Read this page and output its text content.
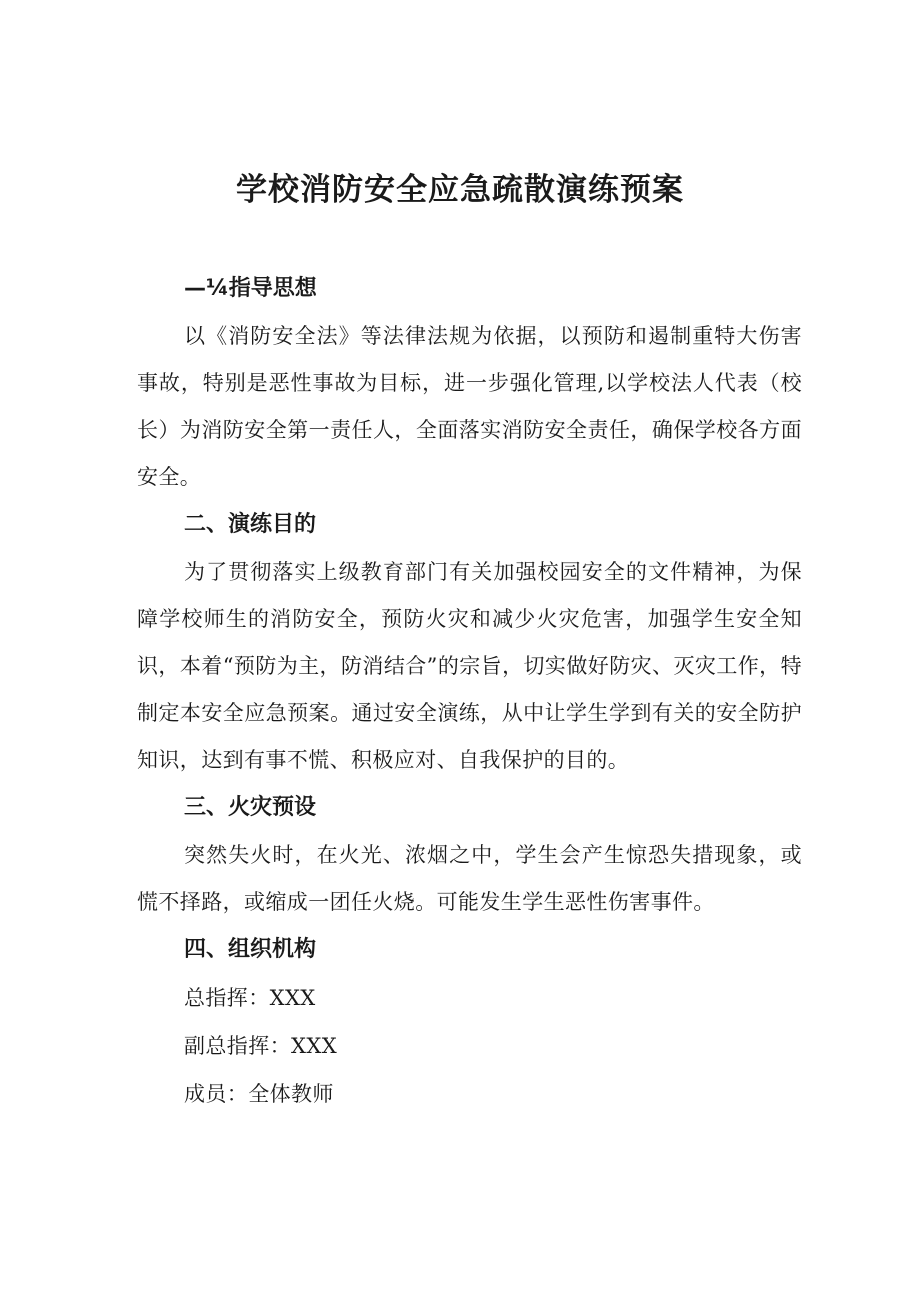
学校消防安全应急疏散演练预案
—¼指导思想

以《消防安全法》等法律法规为依据，以预防和遏制重特大伤害事故，特别是恶性事故为目标，进一步强化管理,以学校法人代表（校长）为消防安全第一责任人，全面落实消防安全责任，确保学校各方面安全。

二、演练目的

为了贯彻落实上级教育部门有关加强校园安全的文件精神，为保障学校师生的消防安全，预防火灾和减少火灾危害，加强学生安全知识，本着“预防为主，防消结合”的宗旨，切实做好防灾、灭灾工作，特制定本安全应急预案。通过安全演练，从中让学生学到有关的安全防护知识，达到有事不慌、积极应对、自我保护的目的。

三、火灾预设

突然失火时，在火光、浓烟之中，学生会产生惊恐失措现象，或慌不择路，或缩成一团任火烧。可能发生学生恶性伤害事件。

四、组织机构
总指挥：XXX
副总指挥：XXX
成员：全体教师
